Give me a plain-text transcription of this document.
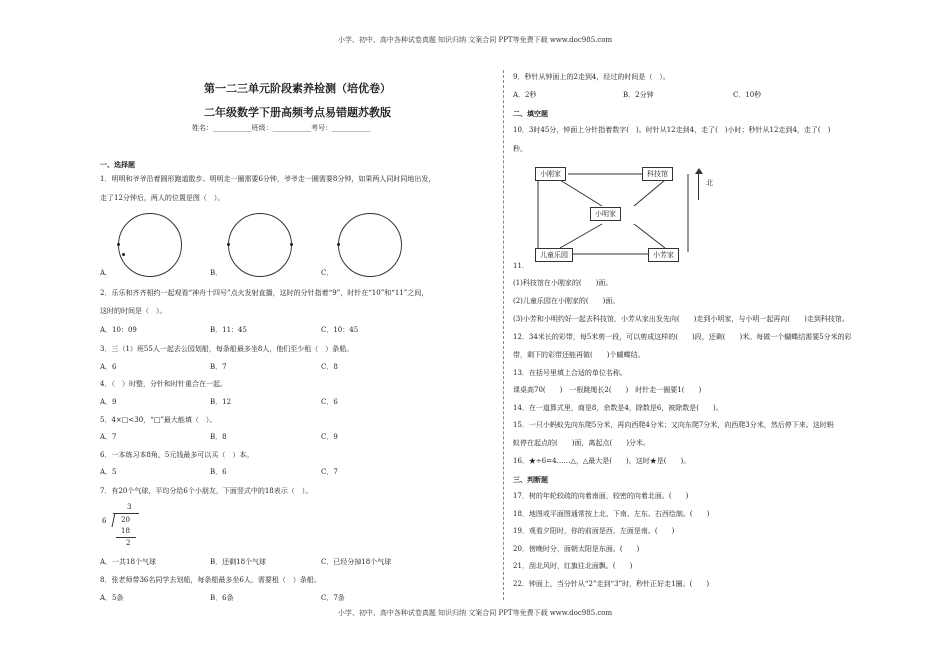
小学、初中、高中各种试卷真题 知识归纳 文案合同 PPT等免费下载 www.doc985.com
第一二三单元阶段素养检测（培优卷）
二年级数学下册高频考点易错题苏教版
姓名：___________班级：___________考号：___________
一、选择题
1．明明和爷爷沿着圆形跑道散步。明明走一圈需要6分钟，爷爷走一圈需要8分钟，如果两人同时同地出发，
走了12分钟后，两人的位置是图（　）。
A．	B．	C．
2．乐乐和齐齐相约一起观看“神舟十四号”点火发射直播，这时的分针指着“9”，时针在“10”和“11”之间，
这时的时间是（　）。
A．10：09	B．11：45	C．10：45
3．三（1）班55人一起去公园划船，每条船最多坐8人，他们至少租（　）条船。
A．6	B．7	C．8
4．（　）时整，分针和时针重合在一起。
A．9	B．12	C．6
5．4×□<30，“□”最大能填（　）。
A．7	B．8	C．9
6．一本练习本8角，5元钱最多可以买（　）本。
A．5	B．6	C．7
7．有20个气球，平均分给6个小朋友，下面竖式中的18表示（　）。
3
6 20
18
2
A．一共18个气球	B．还剩18个气球	C．已经分掉18个气球
8．张老师带36名同学去划船，每条船最多坐6人，需要租（　）条船。
A．5条	B．6条	C．7条
9．秒针从钟面上的2走到4，经过的时间是（　）。
A．2秒	B．2分钟	C．10秒
二、填空题
10．3时45分，钟面上分针指着数字(　)。时针从12走到4，走了(　)小时；秒针从12走到4，走了(　)
秒。
小刚家	科技馆
小明家
儿童乐园	小芳家
北
11．
(1)科技馆在小刚家的(　　)面。
(2)儿童乐园在小刚家的(　　)面。
(3)小芳和小明约好一起去科技馆，小芳从家出发先向(　　)走到小明家，与小明一起再向(　　)走到科技馆。
12．34米长的彩带，每5米剪一段，可以剪成这样的(　　)段，还剩(　　)米。每做一个蝴蝶结需要5分米的彩
带，剩下的彩带还能再做(　　)个蝴蝶结。
13．在括号里填上合适的单位名称。
课桌高70(　　)　一根跳绳长2(　　)　时针走一圈要1(　　)
14．在一道算式里，商是8，余数是4，除数是6，被除数是(　　)。
15．一只小蚂蚁先向东爬5分米，再向西爬4分米；又向东爬7分米，向西爬3分米，然后停下来。这时蚂
蚁停在起点的(　　)面，离起点(　　)分米。
16．★÷6=4……△，△最大是(　　)，这时★是(　　)。
三、判断题
17．树的年轮较疏的向着南面，较密的向着北面。(　　)
18．地图或平面图通常按上北、下南、左东、右西绘制。(　　)
19．观看夕阳时，你的前面是西，左面是南。(　　)
20．傍晚时分，面朝太阳是东面。(　　)
21．刮北风时，红旗往北面飘。(　　)
22．钟面上，当分针从“2”走到“3”时，秒针正好走1圈。(　　)
小学、初中、高中各种试卷真题 知识归纳 文案合同 PPT等免费下载 www.doc985.com
